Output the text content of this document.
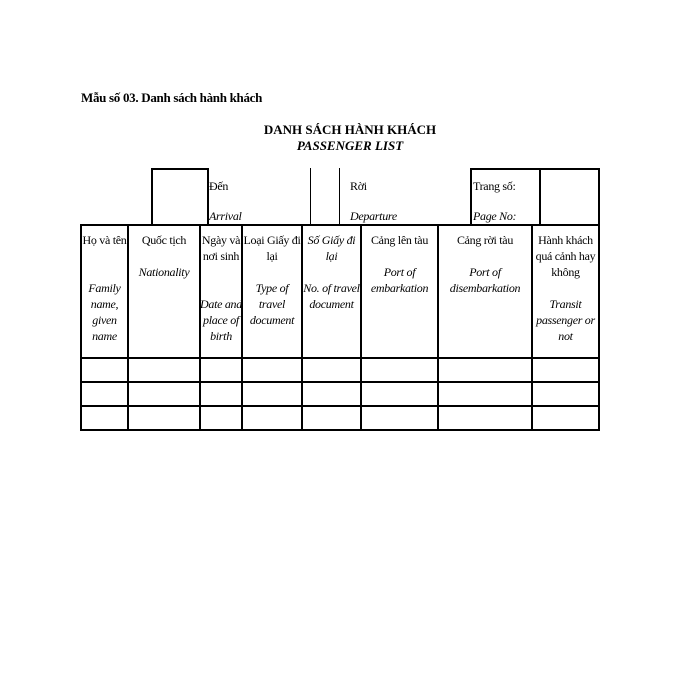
Mẫu số 03. Danh sách hành khách
DANH SÁCH HÀNH KHÁCH
PASSENGER LIST
Đến
Arrival
Rời
Departure
Trang số:
Page No:
Họ và tên
Family name, given name
Quốc tịch
Nationality
Ngày và nơi sinh
Date and place of birth
Loại Giấy đi lại
Type of travel document
Số Giấy đi lại
No. of travel document
Cảng lên tàu
Port of embarkation
Cảng rời tàu
Port of disembarkation
Hành khách quá cảnh hay không
Transit passenger or not
